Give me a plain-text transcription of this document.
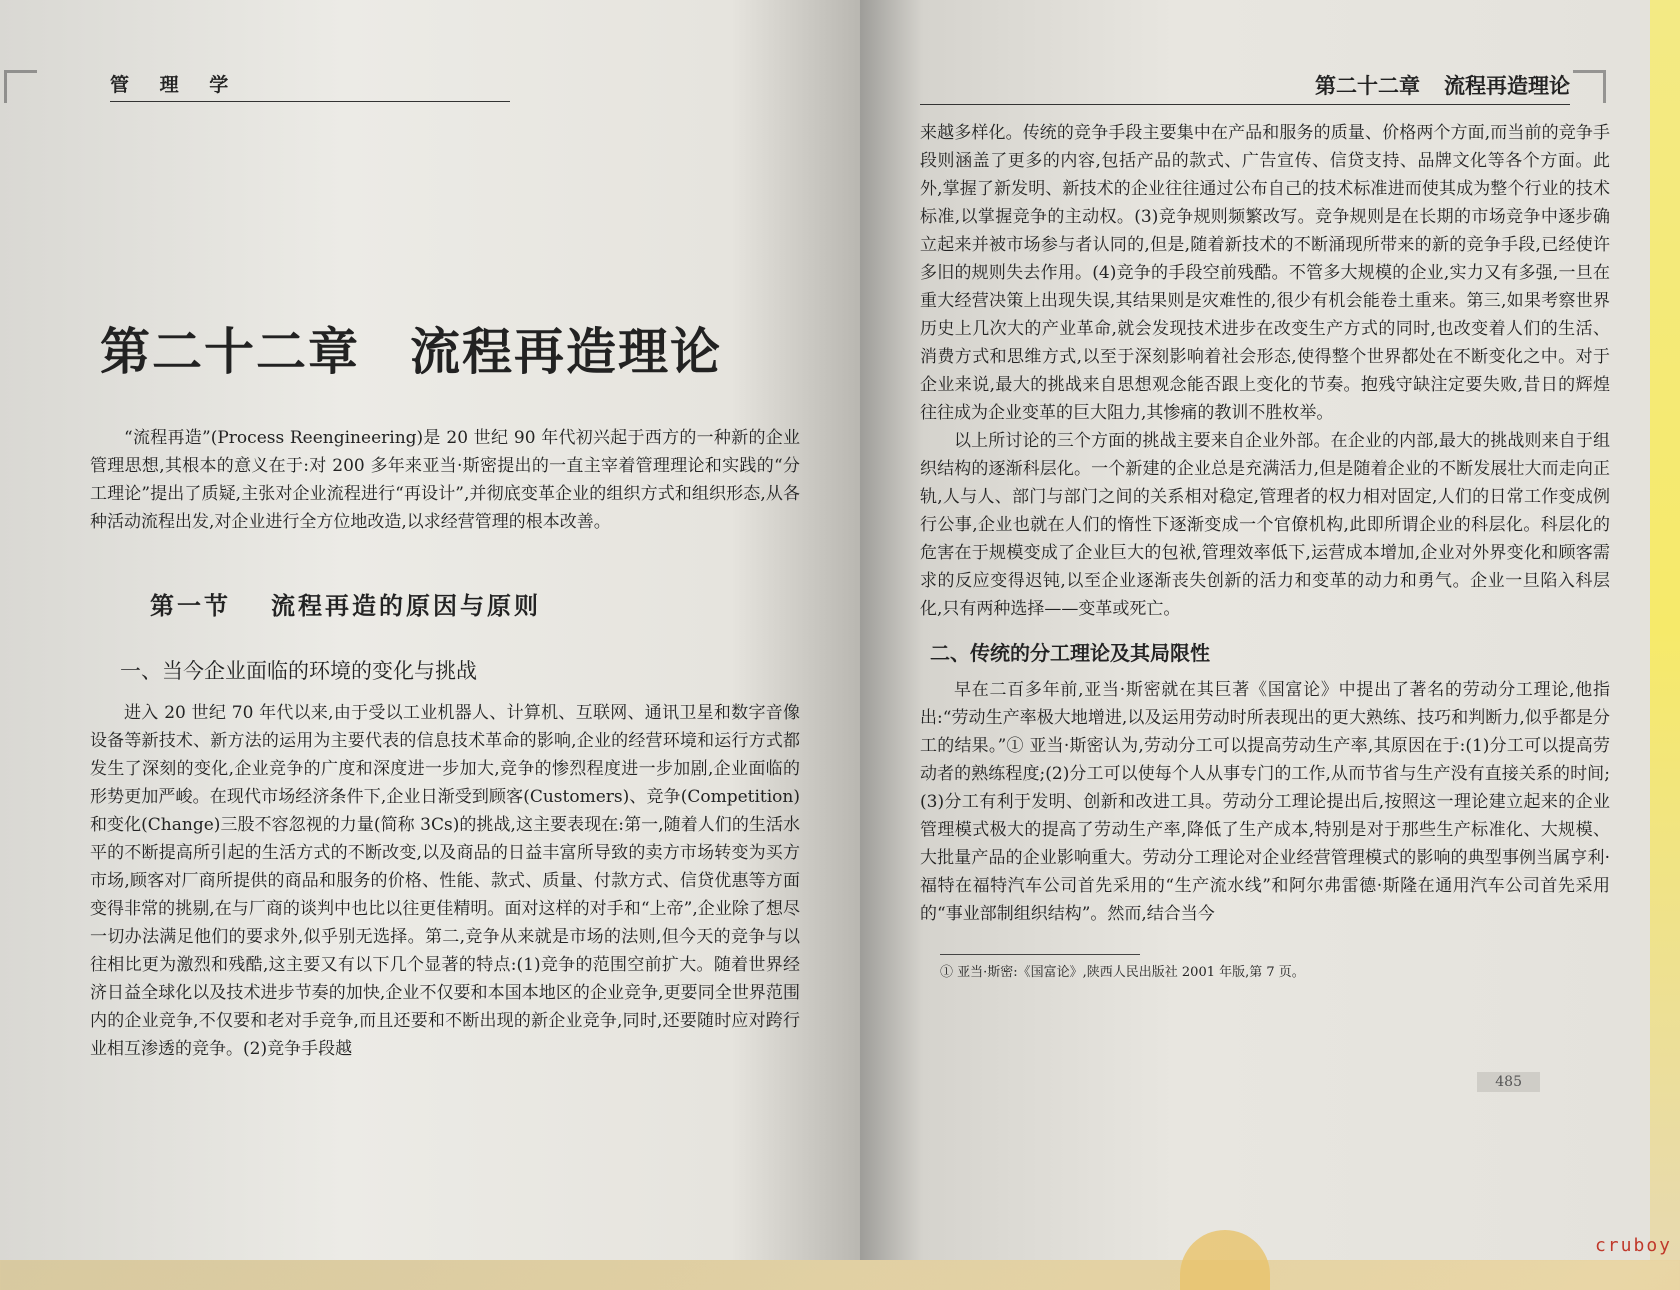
管 理 学
第二十二章 流程再造理论

“流程再造”(Process Reengineering)是 20 世纪 90 年代初兴起于西方的一种新的企业管理思想,其根本的意义在于:对 200 多年来亚当·斯密提出的一直主宰着管理理论和实践的“分工理论”提出了质疑,主张对企业流程进行“再设计”,并彻底变革企业的组织方式和组织形态,从各种活动流程出发,对企业进行全方位地改造,以求经营管理的根本改善。

第一节 流程再造的原因与原则
一、当今企业面临的环境的变化与挑战

进入 20 世纪 70 年代以来,由于受以工业机器人、计算机、互联网、通讯卫星和数字音像设备等新技术、新方法的运用为主要代表的信息技术革命的影响,企业的经营环境和运行方式都发生了深刻的变化,企业竞争的广度和深度进一步加大,竞争的惨烈程度进一步加剧,企业面临的形势更加严峻。在现代市场经济条件下,企业日渐受到顾客(Customers)、竞争(Competition)和变化(Change)三股不容忽视的力量(简称 3Cs)的挑战,这主要表现在:第一,随着人们的生活水平的不断提高所引起的生活方式的不断改变,以及商品的日益丰富所导致的卖方市场转变为买方市场,顾客对厂商所提供的商品和服务的价格、性能、款式、质量、付款方式、信贷优惠等方面变得非常的挑剔,在与厂商的谈判中也比以往更佳精明。面对这样的对手和“上帝”,企业除了想尽一切办法满足他们的要求外,似乎别无选择。第二,竞争从来就是市场的法则,但今天的竞争与以往相比更为激烈和残酷,这主要又有以下几个显著的特点:(1)竞争的范围空前扩大。随着世界经济日益全球化以及技术进步节奏的加快,企业不仅要和本国本地区的企业竞争,更要同全世界范围内的企业竞争,不仅要和老对手竞争,而且还要和不断出现的新企业竞争,同时,还要随时应对跨行业相互渗透的竞争。(2)竞争手段越

第二十二章 流程再造理论

来越多样化。传统的竞争手段主要集中在产品和服务的质量、价格两个方面,而当前的竞争手段则涵盖了更多的内容,包括产品的款式、广告宣传、信贷支持、品牌文化等各个方面。此外,掌握了新发明、新技术的企业往往通过公布自己的技术标准进而使其成为整个行业的技术标准,以掌握竞争的主动权。(3)竞争规则频繁改写。竞争规则是在长期的市场竞争中逐步确立起来并被市场参与者认同的,但是,随着新技术的不断涌现所带来的新的竞争手段,已经使许多旧的规则失去作用。(4)竞争的手段空前残酷。不管多大规模的企业,实力又有多强,一旦在重大经营决策上出现失误,其结果则是灾难性的,很少有机会能卷土重来。第三,如果考察世界历史上几次大的产业革命,就会发现技术进步在改变生产方式的同时,也改变着人们的生活、消费方式和思维方式,以至于深刻影响着社会形态,使得整个世界都处在不断变化之中。对于企业来说,最大的挑战来自思想观念能否跟上变化的节奏。抱残守缺注定要失败,昔日的辉煌往往成为企业变革的巨大阻力,其惨痛的教训不胜枚举。

以上所讨论的三个方面的挑战主要来自企业外部。在企业的内部,最大的挑战则来自于组织结构的逐渐科层化。一个新建的企业总是充满活力,但是随着企业的不断发展壮大而走向正轨,人与人、部门与部门之间的关系相对稳定,管理者的权力相对固定,人们的日常工作变成例行公事,企业也就在人们的惰性下逐渐变成一个官僚机构,此即所谓企业的科层化。科层化的危害在于规模变成了企业巨大的包袱,管理效率低下,运营成本增加,企业对外界变化和顾客需求的反应变得迟钝,以至企业逐渐丧失创新的活力和变革的动力和勇气。企业一旦陷入科层化,只有两种选择——变革或死亡。

二、传统的分工理论及其局限性

早在二百多年前,亚当·斯密就在其巨著《国富论》中提出了著名的劳动分工理论,他指出:“劳动生产率极大地增进,以及运用劳动时所表现出的更大熟练、技巧和判断力,似乎都是分工的结果。”① 亚当·斯密认为,劳动分工可以提高劳动生产率,其原因在于:(1)分工可以提高劳动者的熟练程度;(2)分工可以使每个人从事专门的工作,从而节省与生产没有直接关系的时间;(3)分工有利于发明、创新和改进工具。劳动分工理论提出后,按照这一理论建立起来的企业管理模式极大的提高了劳动生产率,降低了生产成本,特别是对于那些生产标准化、大规模、大批量产品的企业影响重大。劳动分工理论对企业经营管理模式的影响的典型事例当属亨利·福特在福特汽车公司首先采用的“生产流水线”和阿尔弗雷德·斯隆在通用汽车公司首先采用的“事业部制组织结构”。然而,结合当今

① 亚当·斯密:《国富论》,陕西人民出版社 2001 年版,第 7 页。
485
cruboy
